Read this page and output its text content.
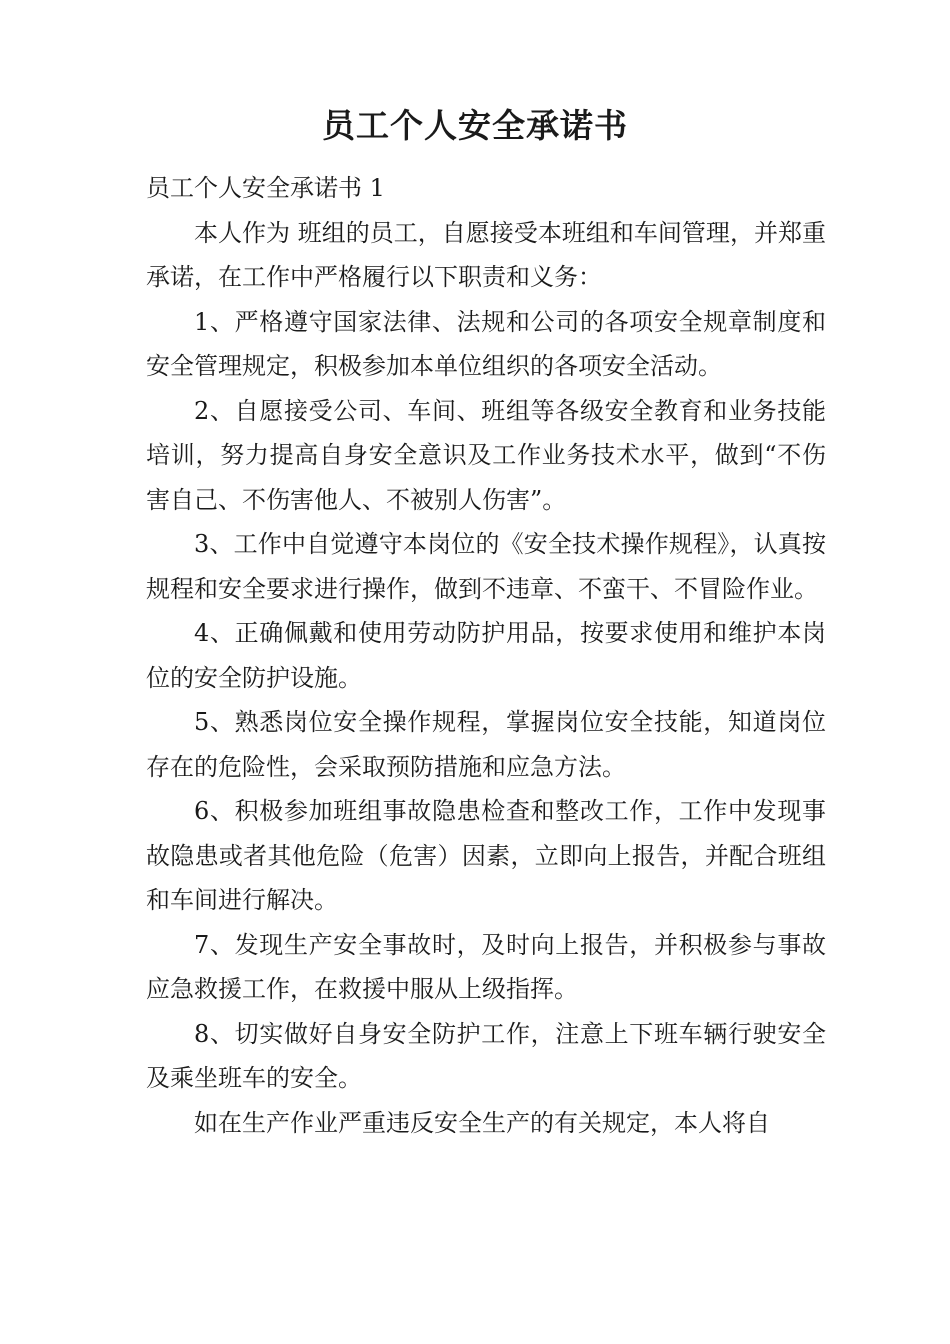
员工个人安全承诺书

员工个人安全承诺书 1

本人作为 班组的员工，自愿接受本班组和车间管理，并郑重承诺，在工作中严格履行以下职责和义务：

1、严格遵守国家法律、法规和公司的各项安全规章制度和安全管理规定，积极参加本单位组织的各项安全活动。

2、自愿接受公司、车间、班组等各级安全教育和业务技能培训，努力提高自身安全意识及工作业务技术水平，做到“不伤害自己、不伤害他人、不被别人伤害”。

3、工作中自觉遵守本岗位的《安全技术操作规程》，认真按规程和安全要求进行操作，做到不违章、不蛮干、不冒险作业。

4、正确佩戴和使用劳动防护用品，按要求使用和维护本岗位的安全防护设施。

5、熟悉岗位安全操作规程，掌握岗位安全技能，知道岗位存在的危险性，会采取预防措施和应急方法。

6、积极参加班组事故隐患检查和整改工作，工作中发现事故隐患或者其他危险（危害）因素，立即向上报告，并配合班组和车间进行解决。

7、发现生产安全事故时，及时向上报告，并积极参与事故应急救援工作，在救援中服从上级指挥。

8、切实做好自身安全防护工作，注意上下班车辆行驶安全及乘坐班车的安全。

如在生产作业严重违反安全生产的有关规定，本人将自
